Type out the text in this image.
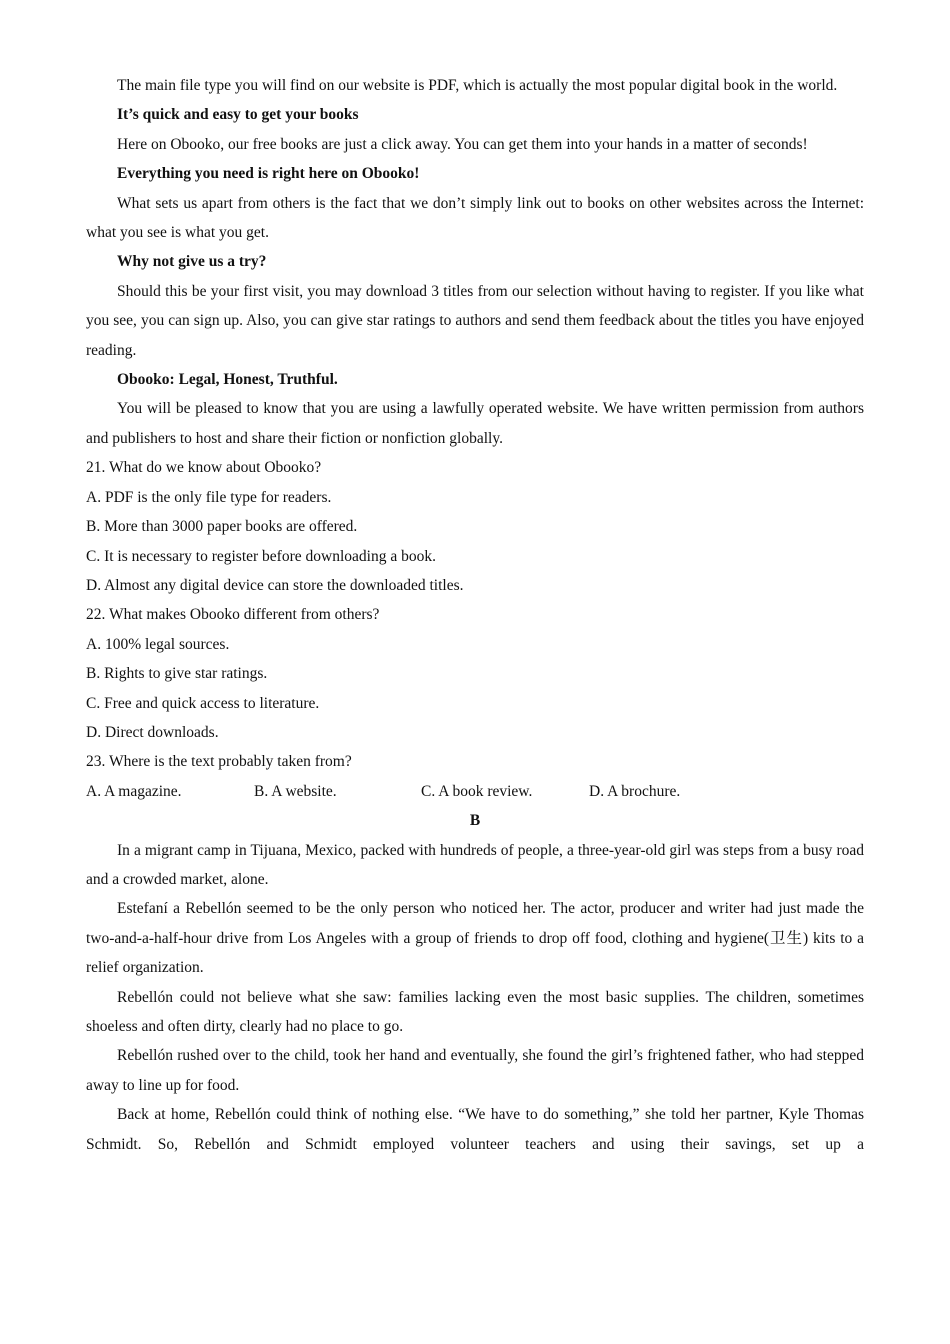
The main file type you will find on our website is PDF, which is actually the most popular digital book in the world.

It’s quick and easy to get your books

Here on Obooko, our free books are just a click away. You can get them into your hands in a matter of seconds!

Everything you need is right here on Obooko!

What sets us apart from others is the fact that we don’t simply link out to books on other websites across the Internet: what you see is what you get.

Why not give us a try?

Should this be your first visit, you may download 3 titles from our selection without having to register. If you like what you see, you can sign up. Also, you can give star ratings to authors and send them feedback about the titles you have enjoyed reading.

Obooko: Legal, Honest, Truthful.

You will be pleased to know that you are using a lawfully operated website. We have written permission from authors and publishers to host and share their fiction or nonfiction globally.

21. What do we know about Obooko?

A. PDF is the only file type for readers.

B. More than 3000 paper books are offered.

C. It is necessary to register before downloading a book.

D. Almost any digital device can store the downloaded titles.

22. What makes Obooko different from others?

A. 100% legal sources.

B. Rights to give star ratings.

C. Free and quick access to literature.

D. Direct downloads.

23. Where is the text probably taken from?

A. A magazine.	B. A website.	C. A book review.	D. A brochure.

B

In a migrant camp in Tijuana, Mexico, packed with hundreds of people, a three-year-old girl was steps from a busy road and a crowded market, alone.

Estefaní a Rebellón seemed to be the only person who noticed her. The actor, producer and writer had just made the two-and-a-half-hour drive from Los Angeles with a group of friends to drop off food, clothing and hygiene(卫生) kits to a relief organization.

Rebellón could not believe what she saw: families lacking even the most basic supplies. The children, sometimes shoeless and often dirty, clearly had no place to go.

Rebellón rushed over to the child, took her hand and eventually, she found the girl’s frightened father, who had stepped away to line up for food.

Back at home, Rebellón could think of nothing else. “We have to do something,” she told her partner, Kyle Thomas Schmidt. So, Rebellón and Schmidt employed volunteer teachers and using their savings, set up a
